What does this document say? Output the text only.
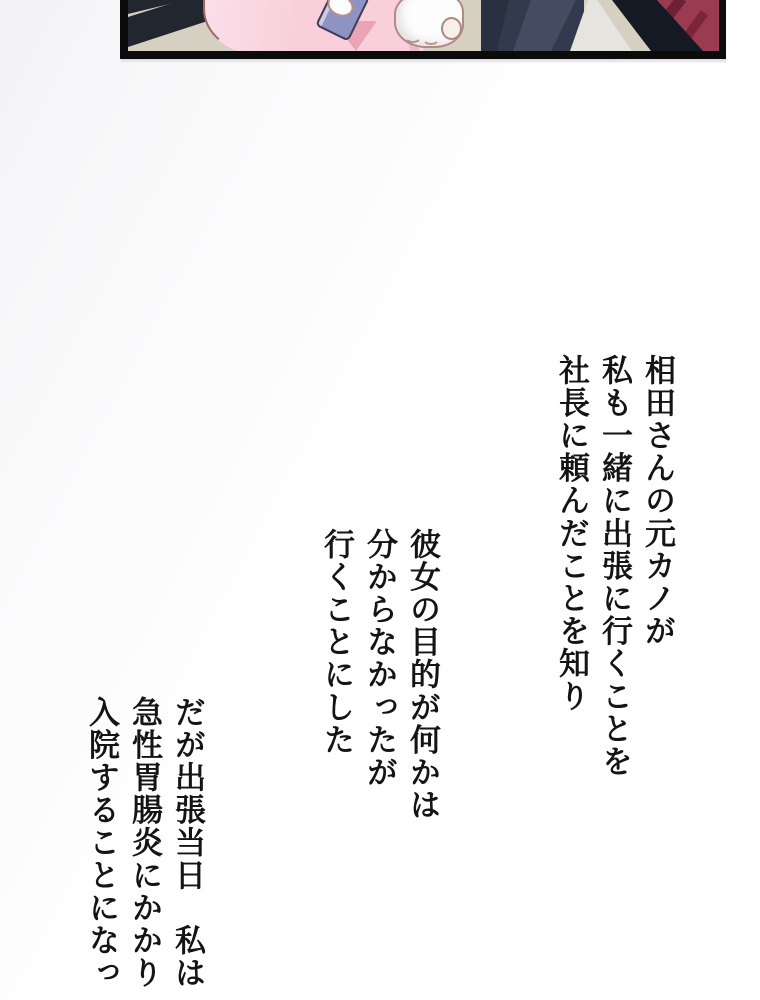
相田さんの元カノが
私も一緒に出張に行くことを
社長に頼んだことを知り
彼女の目的が何かは
分からなかったが
行くことにした
だが出張当日　私は
急性胃腸炎にかかり
入院することになっ
